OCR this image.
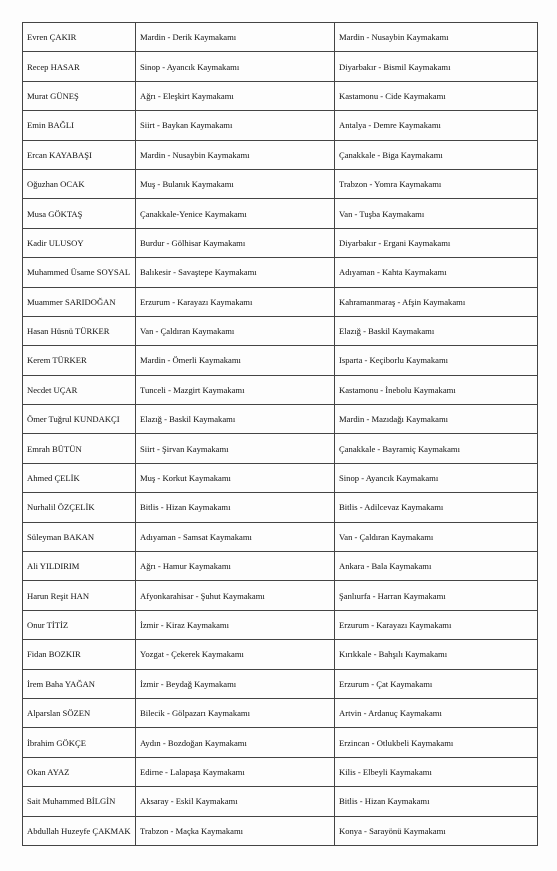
Evren ÇAKIR	Mardin - Derik Kaymakamı	Mardin - Nusaybin Kaymakamı
Recep HASAR	Sinop - Ayancık Kaymakamı	Diyarbakır - Bismil Kaymakamı
Murat GÜNEŞ	Ağrı - Eleşkirt Kaymakamı	Kastamonu - Cide Kaymakamı
Emin BAĞLI	Siirt - Baykan Kaymakamı	Antalya - Demre Kaymakamı
Ercan KAYABAŞI	Mardin - Nusaybin Kaymakamı	Çanakkale - Biga Kaymakamı
Oğuzhan OCAK	Muş - Bulanık Kaymakamı	Trabzon - Yomra Kaymakamı
Musa GÖKTAŞ	Çanakkale-Yenice Kaymakamı	Van - Tuşba Kaymakamı
Kadir ULUSOY	Burdur - Gölhisar Kaymakamı	Diyarbakır - Ergani Kaymakamı
Muhammed Üsame SOYSAL	Balıkesir - Savaştepe Kaymakamı	Adıyaman - Kahta Kaymakamı
Muammer SARIDOĞAN	Erzurum - Karayazı Kaymakamı	Kahramanmaraş - Afşin Kaymakamı
Hasan Hüsnü TÜRKER	Van - Çaldıran Kaymakamı	Elazığ - Baskil Kaymakamı
Kerem TÜRKER	Mardin - Ömerli Kaymakamı	Isparta - Keçiborlu Kaymakamı
Necdet UÇAR	Tunceli - Mazgirt Kaymakamı	Kastamonu - İnebolu Kaymakamı
Ömer Tuğrul KUNDAKÇI	Elazığ - Baskil Kaymakamı	Mardin - Mazıdağı Kaymakamı
Emrah BÜTÜN	Siirt - Şirvan Kaymakamı	Çanakkale - Bayramiç Kaymakamı
Ahmed ÇELİK	Muş - Korkut Kaymakamı	Sinop - Ayancık Kaymakamı
Nurhalil ÖZÇELİK	Bitlis - Hizan Kaymakamı	Bitlis - Adilcevaz Kaymakamı
Süleyman BAKAN	Adıyaman - Samsat Kaymakamı	Van - Çaldıran Kaymakamı
Ali YILDIRIM	Ağrı - Hamur Kaymakamı	Ankara - Bala Kaymakamı
Harun Reşit HAN	Afyonkarahisar - Şuhut Kaymakamı	Şanlıurfa - Harran Kaymakamı
Onur TİTİZ	İzmir - Kiraz Kaymakamı	Erzurum - Karayazı Kaymakamı
Fidan BOZKIR	Yozgat - Çekerek Kaymakamı	Kırıkkale - Bahşılı Kaymakamı
İrem Baha YAĞAN	İzmir - Beydağ Kaymakamı	Erzurum - Çat Kaymakamı
Alparslan SÖZEN	Bilecik - Gölpazarı Kaymakamı	Artvin - Ardanuç Kaymakamı
İbrahim GÖKÇE	Aydın - Bozdoğan Kaymakamı	Erzincan - Otlukbeli Kaymakamı
Okan AYAZ	Edirne - Lalapaşa Kaymakamı	Kilis - Elbeyli Kaymakamı
Sait Muhammed BİLGİN	Aksaray - Eskil Kaymakamı	Bitlis - Hizan Kaymakamı
Abdullah Huzeyfe ÇAKMAK	Trabzon - Maçka Kaymakamı	Konya - Sarayönü Kaymakamı
